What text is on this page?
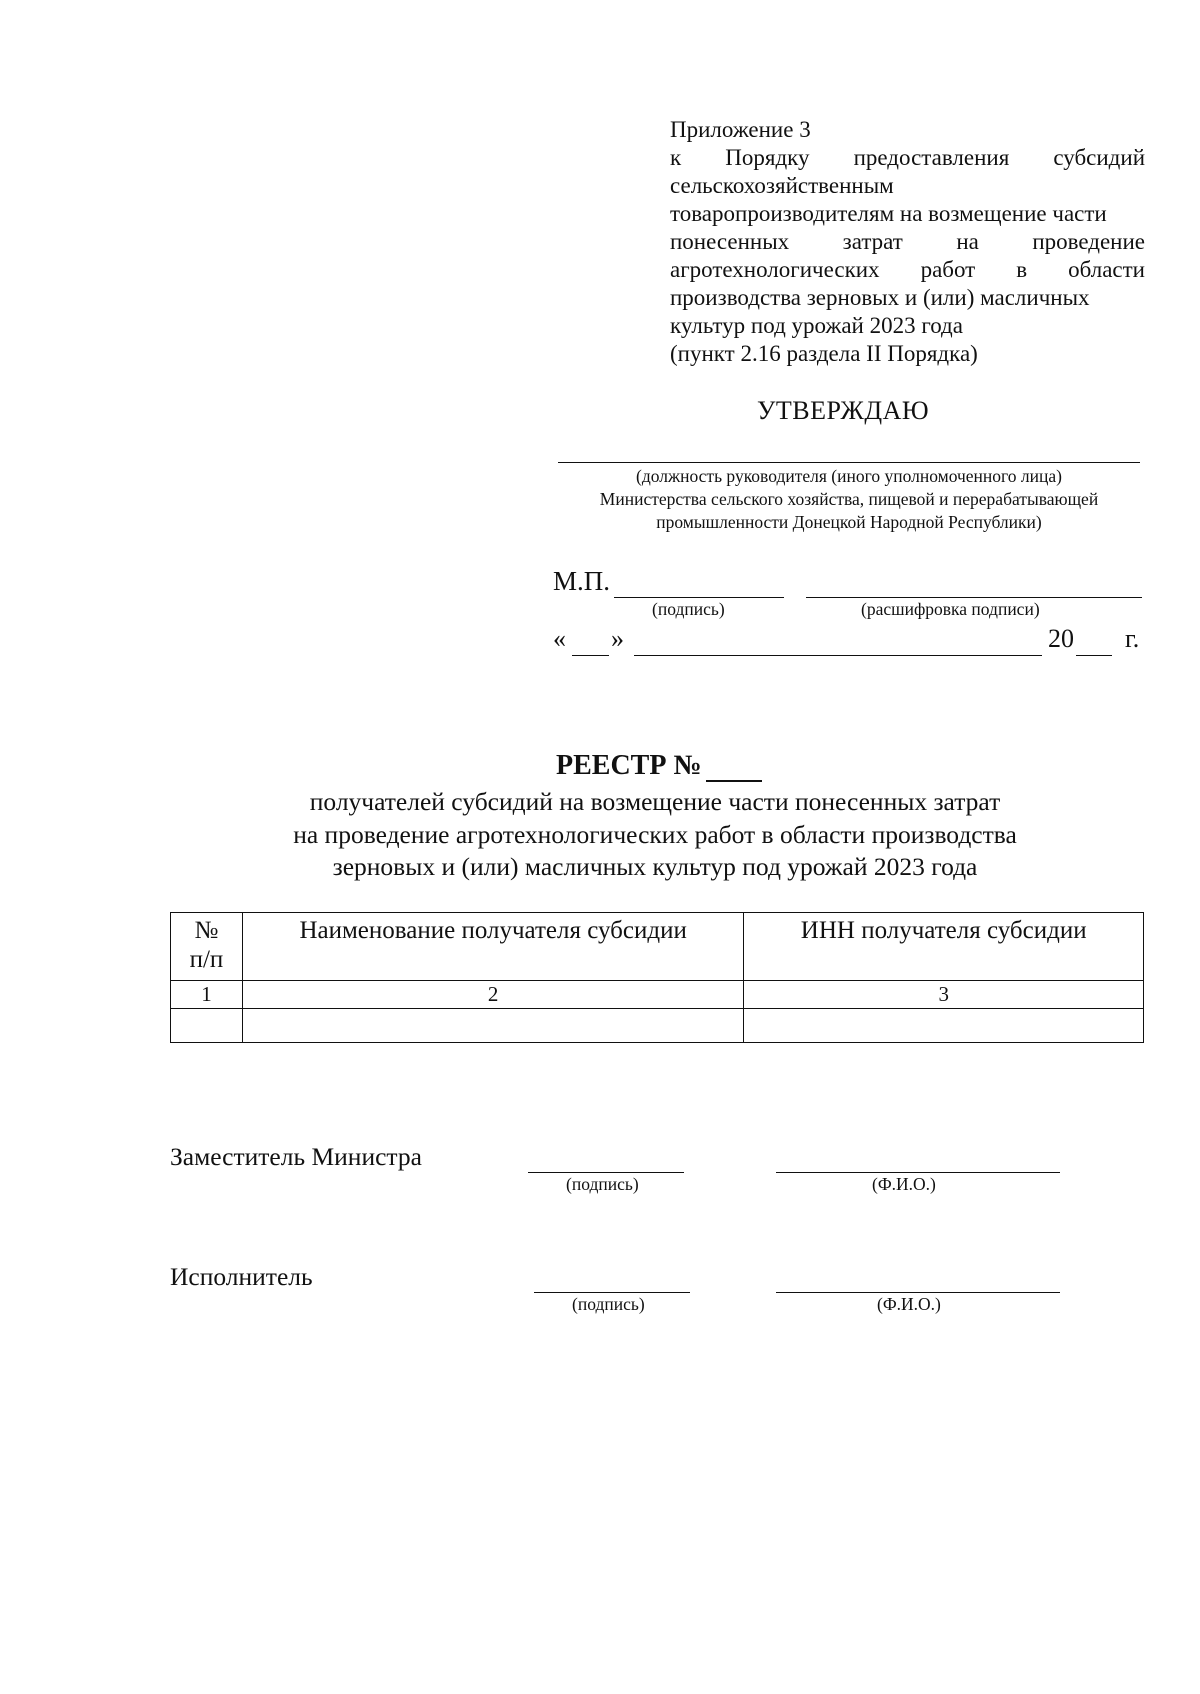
Приложение 3
к Порядку предоставления субсидий
сельскохозяйственным
товаропроизводителям на возмещение части
понесенных затрат на проведение
агротехнологических работ в области
производства зерновых и (или) масличных
культур под урожай 2023 года
(пункт 2.16 раздела II Порядка)
УТВЕРЖДАЮ
(должность руководителя (иного уполномоченного лица)
Министерства сельского хозяйства, пищевой и перерабатывающей
промышленности Донецкой Народной Республики)
М.П.
(подпись)	(расшифровка подписи)
« »	20 г.
РЕЕСТР №
получателей субсидий на возмещение части понесенных затрат
на проведение агротехнологических работ в области производства
зерновых и (или) масличных культур под урожай 2023 года
№
п/п	Наименование получателя субсидии	ИНН получателя субсидии
1	2	3

Заместитель Министра
(подпись)	(Ф.И.О.)
Исполнитель
(подпись)	(Ф.И.О.)
